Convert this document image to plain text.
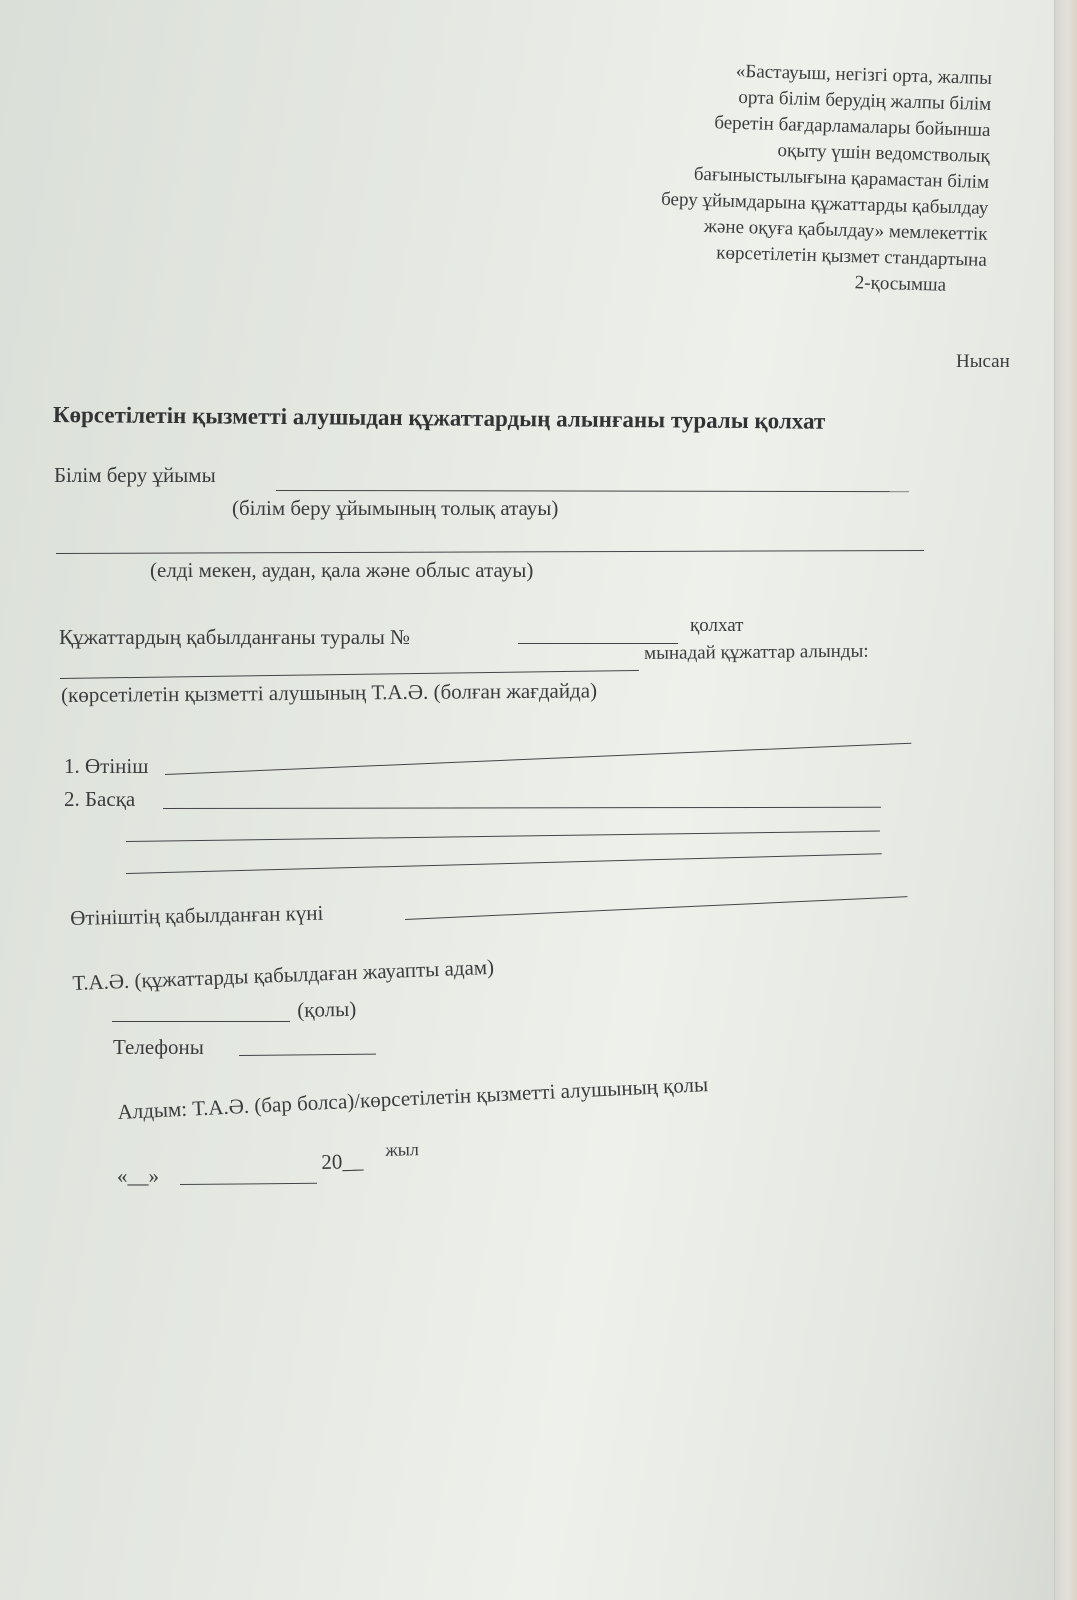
«Бастауыш, негізгі орта, жалпы
орта білім берудің жалпы білім
беретін бағдарламалары бойынша
оқыту үшін ведомстволық
бағыныстылығына қарамастан білім
беру ұйымдарына құжаттарды қабылдау
және оқуға қабылдау» мемлекеттік
көрсетілетін қызмет стандартына
2-қосымша
Нысан
Көрсетілетін қызметті алушыдан құжаттардың алынғаны туралы қолхат
Білім беру ұйымы
(білім беру ұйымының толық атауы)
(елді мекен, аудан, қала және облыс атауы)
Құжаттардың қабылданғаны туралы №	қолхат
мынадай құжаттар алынды:
(көрсетілетін қызметті алушының Т.А.Ә. (болған жағдайда)
1. Өтініш
2. Басқа
Өтініштің қабылданған күні
Т.А.Ә. (құжаттарды қабылдаған жауапты адам)
(қолы)
Телефоны
Алдым: Т.А.Ә. (бар болса)/көрсетілетін қызметті алушының қолы
«__»
20__ жыл
